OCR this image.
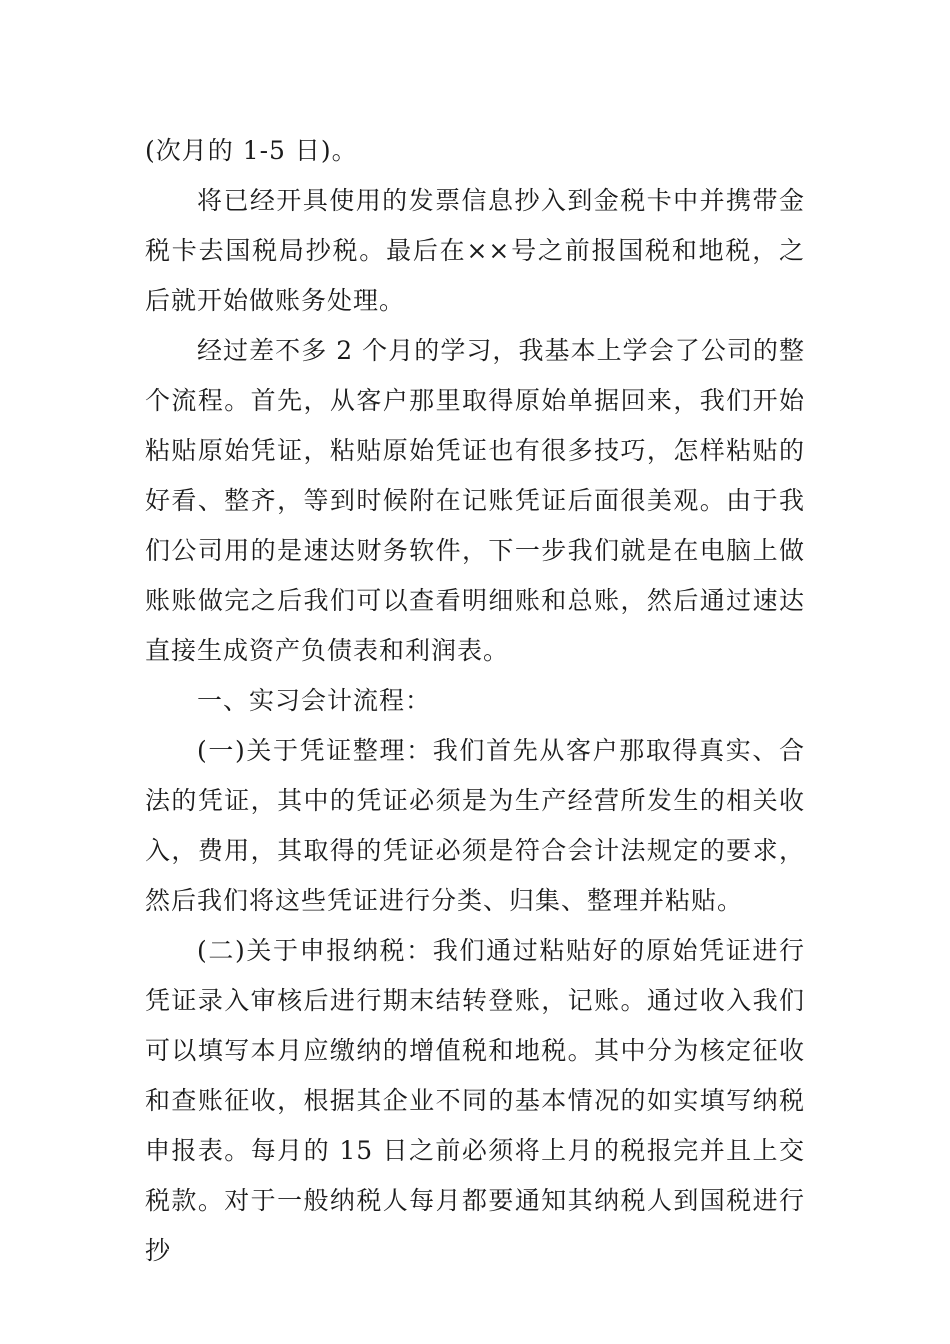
(次月的 1-5 日)。

将已经开具使用的发票信息抄入到金税卡中并携带金税卡去国税局抄税。最后在××号之前报国税和地税，之后就开始做账务处理。

经过差不多 2 个月的学习，我基本上学会了公司的整个流程。首先，从客户那里取得原始单据回来，我们开始粘贴原始凭证，粘贴原始凭证也有很多技巧，怎样粘贴的好看、整齐，等到时候附在记账凭证后面很美观。由于我们公司用的是速达财务软件，下一步我们就是在电脑上做账账做完之后我们可以查看明细账和总账，然后通过速达直接生成资产负债表和利润表。

一、实习会计流程：

(一)关于凭证整理：我们首先从客户那取得真实、合法的凭证，其中的凭证必须是为生产经营所发生的相关收入，费用，其取得的凭证必须是符合会计法规定的要求，然后我们将这些凭证进行分类、归集、整理并粘贴。

(二)关于申报纳税：我们通过粘贴好的原始凭证进行凭证录入审核后进行期末结转登账，记账。通过收入我们可以填写本月应缴纳的增值税和地税。其中分为核定征收和查账征收，根据其企业不同的基本情况的如实填写纳税申报表。每月的 15 日之前必须将上月的税报完并且上交税款。对于一般纳税人每月都要通知其纳税人到国税进行抄
